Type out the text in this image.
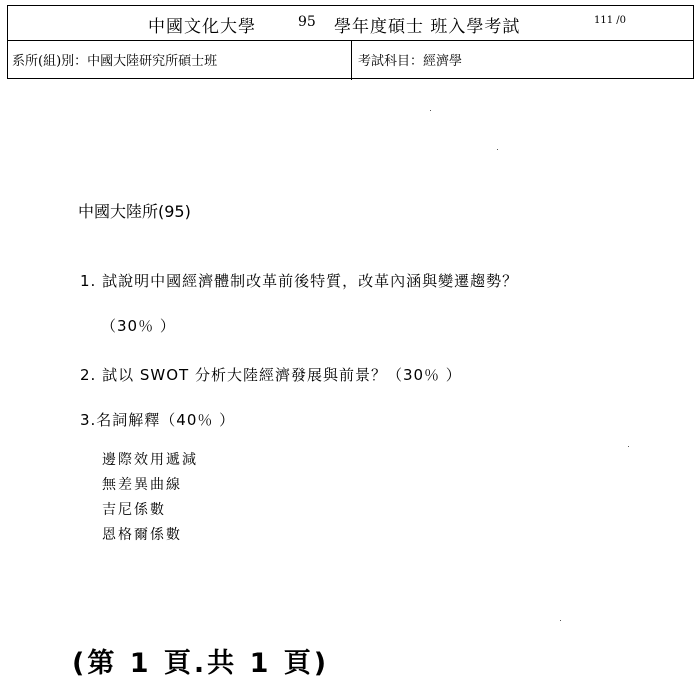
中國文化大學	95 學年度碩士 班入學考試	111 /0
系所(組)別：中國大陸研究所碩士班	考試科目：經濟學
中國大陸所(95)
1. 試說明中國經濟體制改革前後特質，改革內涵與變遷趨勢？
（30％ ）
2. 試以 SWOT 分析大陸經濟發展與前景？（30％ ）
3.名詞解釋（40％ ）
邊際效用遞減
無差異曲線
吉尼係數
恩格爾係數
(第 1 頁.共 1 頁)
